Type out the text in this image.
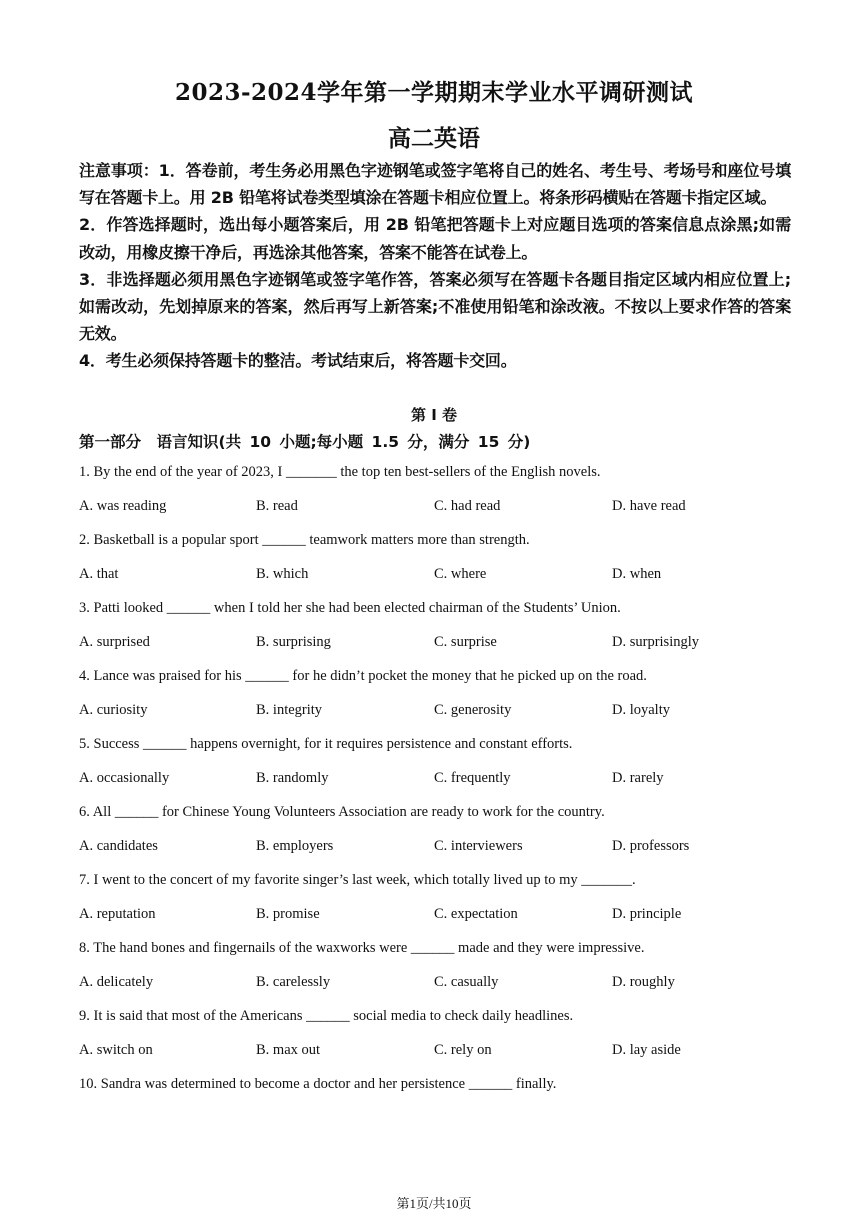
2023-2024学年第一学期期末学业水平调研测试
高二英语

注意事项：1．答卷前，考生务必用黑色字迹钢笔或签字笔将自己的姓名、考生号、考场号和座位号填写在答题卡上。用 2B 铅笔将试卷类型填涂在答题卡相应位置上。将条形码横贴在答题卡指定区域。

2．作答选择题时，选出每小题答案后，用 2B 铅笔把答题卡上对应题目选项的答案信息点涂黑;如需改动，用橡皮擦干净后，再选涂其他答案，答案不能答在试卷上。

3．非选择题必须用黑色字迹钢笔或签字笔作答，答案必须写在答题卡各题目指定区域内相应位置上;如需改动，先划掉原来的答案，然后再写上新答案;不准使用铅笔和涂改液。不按以上要求作答的答案无效。

4．考生必须保持答题卡的整洁。考试结束后，将答题卡交回。

第 I 卷
第一部分　语言知识(共 10 小题;每小题 1.5 分，满分 15 分)
1. By the end of the year of 2023, I _______ the top ten best-sellers of the English novels.
A. was reading	B. read	C. had read	D. have read
2. Basketball is a popular sport ______ teamwork matters more than strength.
A. that	B. which	C. where	D. when
3. Patti looked ______ when I told her she had been elected chairman of the Students’ Union.
A. surprised	B. surprising	C. surprise	D. surprisingly
4. Lance was praised for his ______ for he didn’t pocket the money that he picked up on the road.
A. curiosity	B. integrity	C. generosity	D. loyalty
5. Success ______ happens overnight, for it requires persistence and constant efforts.
A. occasionally	B. randomly	C. frequently	D. rarely
6. All ______ for Chinese Young Volunteers Association are ready to work for the country.
A. candidates	B. employers	C. interviewers	D. professors
7. I went to the concert of my favorite singer’s last week, which totally lived up to my _______.
A. reputation	B. promise	C. expectation	D. principle
8. The hand bones and fingernails of the waxworks were ______ made and they were impressive.
A. delicately	B. carelessly	C. casually	D. roughly
9. It is said that most of the Americans ______ social media to check daily headlines.
A. switch on	B. max out	C. rely on	D. lay aside
10. Sandra was determined to become a doctor and her persistence ______ finally.
第1页/共10页
